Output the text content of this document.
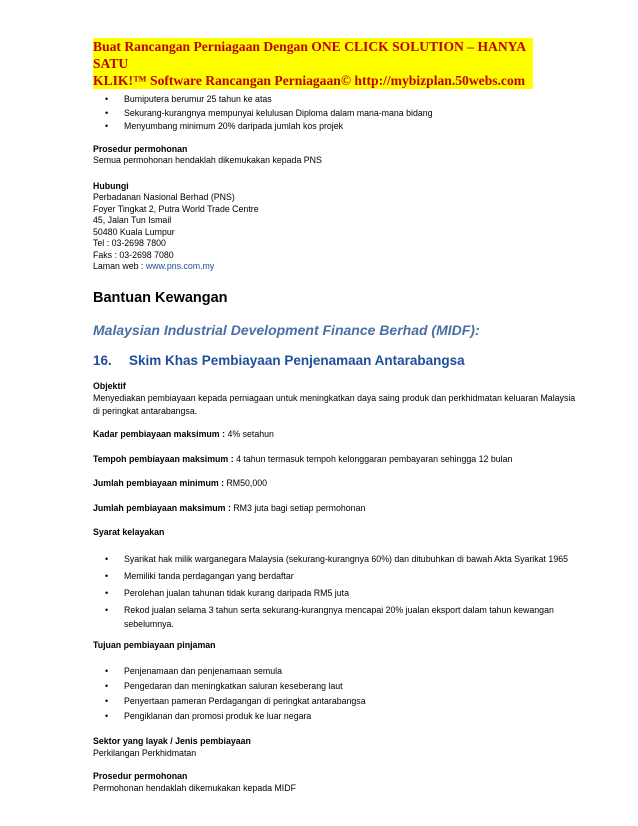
Buat Rancangan Perniagaan Dengan ONE CLICK SOLUTION – HANYA SATU
KLIK!™ Software Rancangan Perniagaan© http://mybizplan.50webs.com
• Bumiputera berumur 25 tahun ke atas
• Sekurang-kurangnya mempunyai kelulusan Diploma dalam mana-mana bidang
• Menyumbang minimum 20% daripada jumlah kos projek
Prosedur permohonan
Semua permohonan hendaklah dikemukakan kepada PNS
Hubungi
Perbadanan Nasional Berhad (PNS)
Foyer Tingkat 2, Putra World Trade Centre
45, Jalan Tun Ismail
50480 Kuala Lumpur
Tel : 03-2698 7800
Faks : 03-2698 7080
Laman web : www.pns.com.my
Bantuan Kewangan
Malaysian Industrial Development Finance Berhad (MIDF):
16.	Skim Khas Pembiayaan Penjenamaan Antarabangsa
Objektif
Menyediakan pembiayaan kepada perniagaan untuk meningkatkan daya saing produk dan perkhidmatan keluaran Malaysia di peringkat antarabangsa.
Kadar pembiayaan maksimum : 4% setahun
Tempoh pembiayaan maksimum : 4 tahun termasuk tempoh kelonggaran pembayaran sehingga 12 bulan
Jumlah pembiayaan minimum : RM50,000
Jumlah pembiayaan maksimum : RM3 juta bagi setiap permohonan
Syarat kelayakan
• Syarikat hak milik warganegara Malaysia (sekurang-kurangnya 60%) dan ditubuhkan di bawah Akta Syarikat 1965
• Memiliki tanda perdagangan yang berdaftar
• Perolehan jualan tahunan tidak kurang daripada RM5 juta
• Rekod jualan selama 3 tahun serta sekurang-kurangnya mencapai 20% jualan eksport dalam tahun kewangan sebelumnya.
Tujuan pembiayaan pinjaman
• Penjenamaan dan penjenamaan semula
• Pengedaran dan meningkatkan saluran keseberang laut
• Penyertaan pameran Perdagangan di peringkat antarabangsa
• Pengiklanan dan promosi produk ke luar negara
Sektor yang layak / Jenis pembiayaan
Perkilangan Perkhidmatan
Prosedur permohonan
Permohonan hendaklah dikemukakan kepada MIDF
